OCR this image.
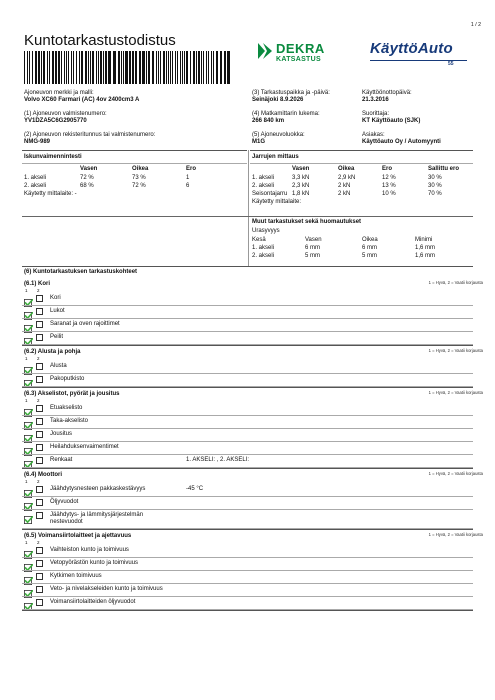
1 / 2
Kuntotarkastustodistus	DEKRA
KATSASTUS
KäyttöAuto
55
Ajoneuvon merkki ja malli:
Volvo XC60 Farmari (AC) 4ov 2400cm3 A
(3) Tarkastuspaikka ja -päivä:
Seinäjoki 8.9.2026
Käyttöönottopäivä:
21.3.2016
(1) Ajoneuvon valmistenumero:
YV1DZA5C6G2905770
(4) Matkamittarin lukema:
266 840 km
Suorittaja:
KT Käyttöauto (SJK)
(2) Ajoneuvon rekisteritunnus tai valmistenumero:
NMG-989
(5) Ajoneuvoluokka:
M1G
Asiakas:
Käyttöauto Oy / Automyynti
Iskunvaimennintesti
Vasen	Oikea	Ero
1. akseli	72 %	73 %	1
2. akseli	68 %	72 %	6
Käytetty mittalaite: -
Jarrujen mittaus
Vasen	Oikea	Ero	Sallittu ero
1. akseli	3,3 kN	2,9 kN	12 %	30 %
2. akseli	2,3 kN	2 kN	13 %	30 %
Seisontajarru 1,8 kN	2 kN	10 %	70 %
Käytetty mittalaite:
Muut tarkastukset sekä huomautukset
Urasyvyys
Kesä	Vasen	Oikea	Minimi
1. akseli	6 mm	6 mm	1,6 mm
2. akseli	5 mm	5 mm	1,6 mm
(6) Kuntotarkastuksen tarkastuskohteet
(6.1) Kori	1 = Hyvä, 2 = Vaatii korjausta
1 2
Kori
Lukot
Saranat ja oven rajoittimet
Peilit
(6.2) Alusta ja pohja	1 = Hyvä, 2 = Vaatii korjausta
1 2
Alusta
Pakoputkisto
(6.3) Akselistot, pyörät ja jousitus	1 = Hyvä, 2 = Vaatii korjausta
1 2
Etuakselisto
Taka-akselisto
Jousitus
Heilahduksenvaimentimet
Renkaat	1. AKSELI: , 2. AKSELI:
(6.4) Moottori	1 = Hyvä, 2 = Vaatii korjausta
1 2
Jäähdytysnesteen pakkaskestävyys	-45 °C
Öljyvuodot
Jäähdytys- ja lämmitysjärjestelmän
nestevuodot
(6.5) Voimansiirtolaitteet ja ajettavuus	1 = Hyvä, 2 = Vaatii korjausta
1 2
Vaihteiston kunto ja toimivuus
Vetopyörästön kunto ja toimivuus
Kytkimen toimivuus
Veto- ja nivelakseleiden kunto ja toimivuus
Voimansiirtolaitteiden öljyvuodot
